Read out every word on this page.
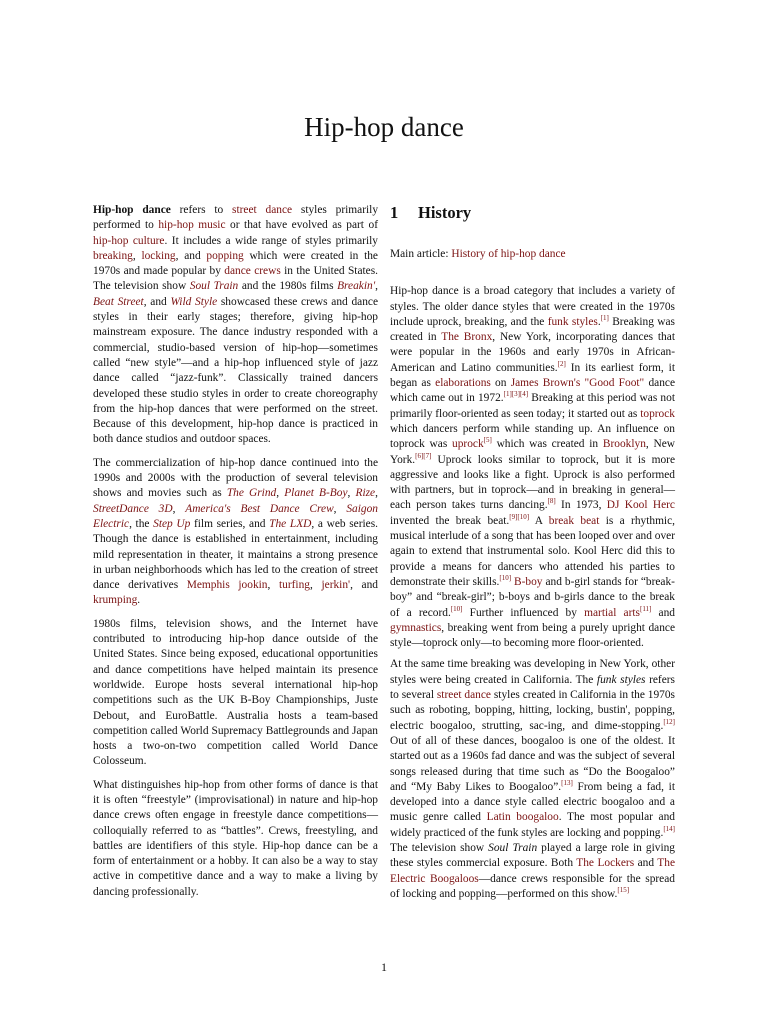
Hip-hop dance

Hip-hop dance refers to street dance styles primarily performed to hip-hop music or that have evolved as part of hip-hop culture. It includes a wide range of styles primarily breaking, locking, and popping which were created in the 1970s and made popular by dance crews in the United States. The television show Soul Train and the 1980s films Breakin', Beat Street, and Wild Style showcased these crews and dance styles in their early stages; therefore, giving hip-hop mainstream exposure. The dance industry responded with a commercial, studio-based version of hip-hop—sometimes called “new style”—and a hip-hop influenced style of jazz dance called “jazz-funk”. Classically trained dancers developed these studio styles in order to create choreography from the hip-hop dances that were performed on the street. Because of this development, hip-hop dance is practiced in both dance studios and outdoor spaces.

The commercialization of hip-hop dance continued into the 1990s and 2000s with the production of several television shows and movies such as The Grind, Planet B-Boy, Rize, StreetDance 3D, America's Best Dance Crew, Saigon Electric, the Step Up film series, and The LXD, a web series. Though the dance is established in entertainment, including mild representation in theater, it maintains a strong presence in urban neighborhoods which has led to the creation of street dance derivatives Memphis jookin, turfing, jerkin', and krumping.

1980s films, television shows, and the Internet have contributed to introducing hip-hop dance outside of the United States. Since being exposed, educational opportunities and dance competitions have helped maintain its presence worldwide. Europe hosts several international hip-hop competitions such as the UK B-Boy Championships, Juste Debout, and EuroBattle. Australia hosts a team-based competition called World Supremacy Battlegrounds and Japan hosts a two-on-two competition called World Dance Colosseum.

What distinguishes hip-hop from other forms of dance is that it is often “freestyle” (improvisational) in nature and hip-hop dance crews often engage in freestyle dance competitions—colloquially referred to as “battles”. Crews, freestyling, and battles are identifiers of this style. Hip-hop dance can be a form of entertainment or a hobby. It can also be a way to stay active in competitive dance and a way to make a living by dancing professionally.

1 History

Main article: History of hip-hop dance

Hip-hop dance is a broad category that includes a variety of styles. The older dance styles that were created in the 1970s include uprock, breaking, and the funk styles.[1] Breaking was created in The Bronx, New York, incorporating dances that were popular in the 1960s and early 1970s in African-American and Latino communities.[2] In its earliest form, it began as elaborations on James Brown's "Good Foot" dance which came out in 1972.[1][3][4] Breaking at this period was not primarily floor-oriented as seen today; it started out as toprock which dancers perform while standing up. An influence on toprock was uprock[5] which was created in Brooklyn, New York.[6][7] Uprock looks similar to toprock, but it is more aggressive and looks like a fight. Uprock is also performed with partners, but in toprock—and in breaking in general—each person takes turns dancing.[8] In 1973, DJ Kool Herc invented the break beat.[9][10] A break beat is a rhythmic, musical interlude of a song that has been looped over and over again to extend that instrumental solo. Kool Herc did this to provide a means for dancers who attended his parties to demonstrate their skills.[10] B-boy and b-girl stands for “break-boy” and “break-girl”; b-boys and b-girls dance to the break of a record.[10] Further influenced by martial arts[11] and gymnastics, breaking went from being a purely upright dance style—toprock only—to becoming more floor-oriented.

At the same time breaking was developing in New York, other styles were being created in California. The funk styles refers to several street dance styles created in California in the 1970s such as roboting, bopping, hitting, locking, bustin', popping, electric boogaloo, strutting, sac-ing, and dime-stopping.[12] Out of all of these dances, boogaloo is one of the oldest. It started out as a 1960s fad dance and was the subject of several songs released during that time such as “Do the Boogaloo” and “My Baby Likes to Boogaloo”.[13] From being a fad, it developed into a dance style called electric boogaloo and a music genre called Latin boogaloo. The most popular and widely practiced of the funk styles are locking and popping.[14] The television show Soul Train played a large role in giving these styles commercial exposure. Both The Lockers and The Electric Boogaloos—dance crews responsible for the spread of locking and popping—performed on this show.[15]

1
